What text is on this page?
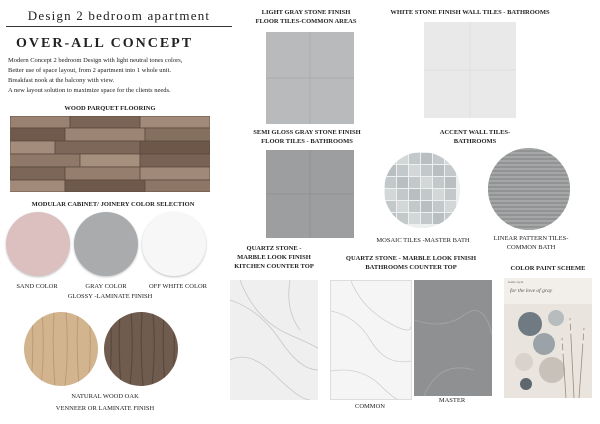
Design 2 bedroom apartment
OVER-ALL CONCEPT
Modern Concept 2 bedroom Design with light neutral tones colors,
Better use of space layout, from 2 apartment into 1 whole unit.
Breakfast nook at the balcony with view.
A new layout solution to maximize space for the clients needs.
WOOD PARQUET FLOORING
MODULAR CABINET/ JOINERY COLOR SELECTION
SAND COLOR	GRAY COLOR	OFF WHITE COLOR
GLOSSY -LAMINATE FINISH
NATURAL WOOD OAK
VENNEER OR LAMINATE FINISH
LIGHT GRAY STONE FINISH
FLOOR TILES-COMMON AREAS
WHITE STONE FINISH WALL TILES - BATHROOMS
SEMI GLOSS GRAY STONE FINISH
FLOOR TILES - BATHROOMS
ACCENT WALL TILES-
BATHROOMS
MOSAIC TILES -MASTER BATH	LINEAR PATTERN TILES-
COMMON BATH
QUARTZ STONE -
MARBLE LOOK FINISH
KITCHEN COUNTER TOP
QUARTZ STONE - MARBLE LOOK FINISH
BATHROOMS COUNTER TOP
COMMON
MASTER
COLOR PAINT SCHEME
home style
for the love of gray
